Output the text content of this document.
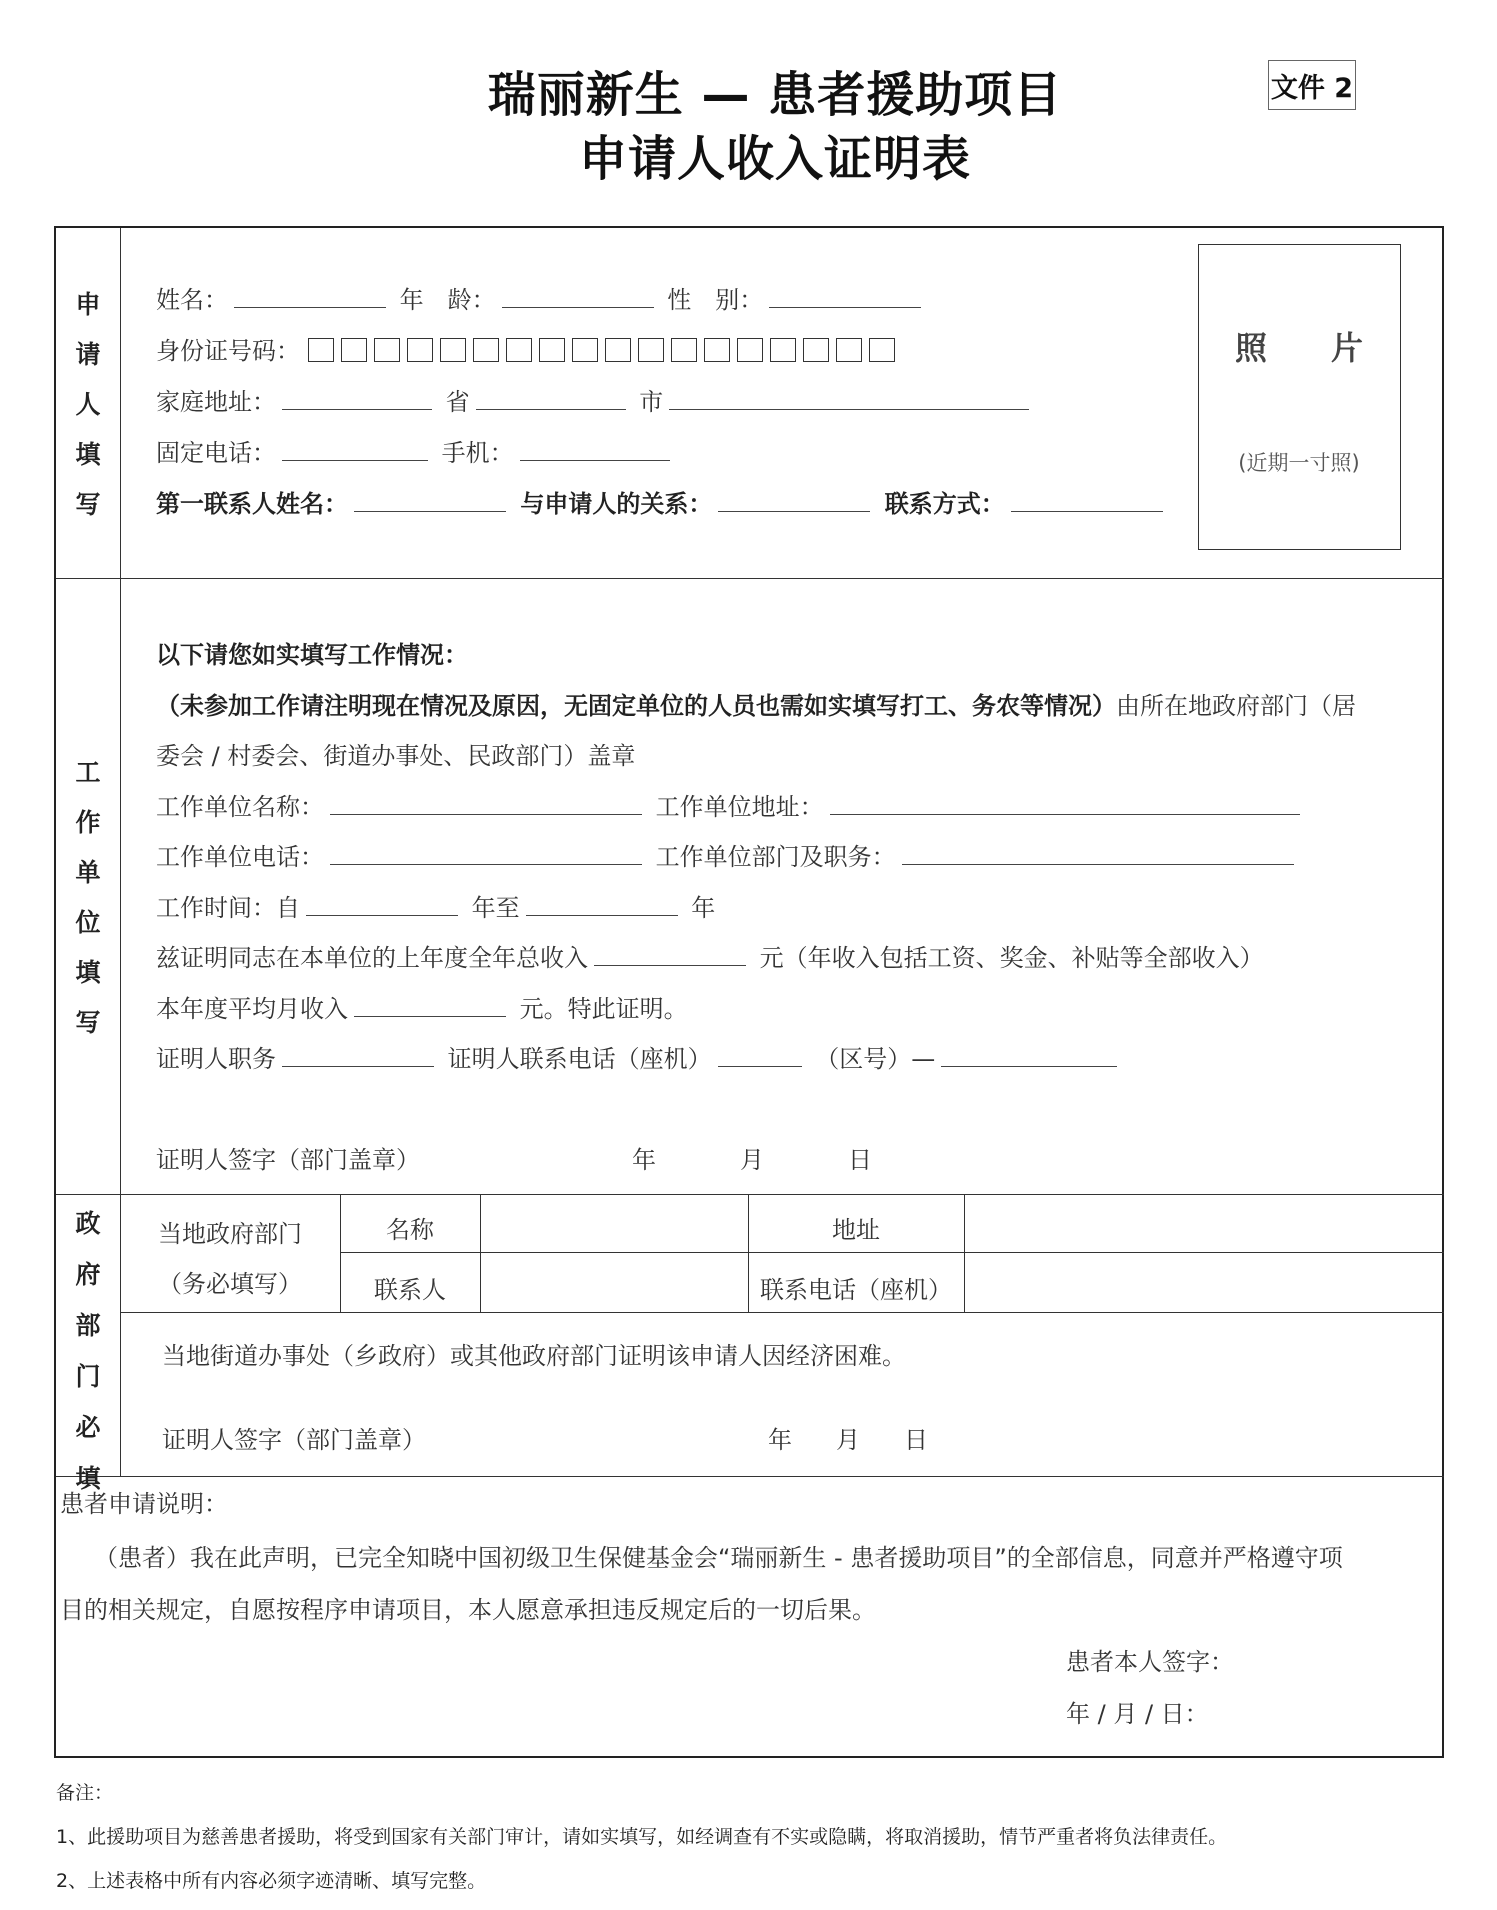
瑞丽新生 — 患者援助项目
申请人收入证明表
文件 2
申
请
人
填
写
姓名：	年　龄：	性　别：
身份证号码：
家庭地址：	省	市
固定电话：	手机：
第一联系人姓名：	与申请人的关系：	联系方式：
工
作
单
位
填
写
以下请您如实填写工作情况：
（未参加工作请注明现在情况及原因，无固定单位的人员也需如实填写打工、务农等情况）由所在地政府部门（居
委会 / 村委会、街道办事处、民政部门）盖章
工作单位名称：	工作单位地址：
工作单位电话：	工作单位部门及职务：
工作时间：自	年至	年
兹证明同志在本单位的上年度全年总收入	元（年收入包括工资、奖金、补贴等全部收入）
本年度平均月收入	元。特此证明。
证明人职务	证明人联系电话（座机）	（区号）—
证明人签字（部门盖章）	年	月	日
政
府
部
门
必
填
当地政府部门
（务必填写）
名称	地址
联系人	联系电话（座机）
当地街道办事处（乡政府）或其他政府部门证明该申请人因经济困难。
证明人签字（部门盖章）	年 月 日
患者申请说明：
（患者）我在此声明，已完全知晓中国初级卫生保健基金会“瑞丽新生 - 患者援助项目”的全部信息，同意并严格遵守项
目的相关规定，自愿按程序申请项目，本人愿意承担违反规定后的一切后果。
患者本人签字：
年 / 月 / 日：
照　　片
(近期一寸照)
备注：
1、此援助项目为慈善患者援助，将受到国家有关部门审计，请如实填写，如经调查有不实或隐瞒，将取消援助，情节严重者将负法律责任。
2、上述表格中所有内容必须字迹清晰、填写完整。
